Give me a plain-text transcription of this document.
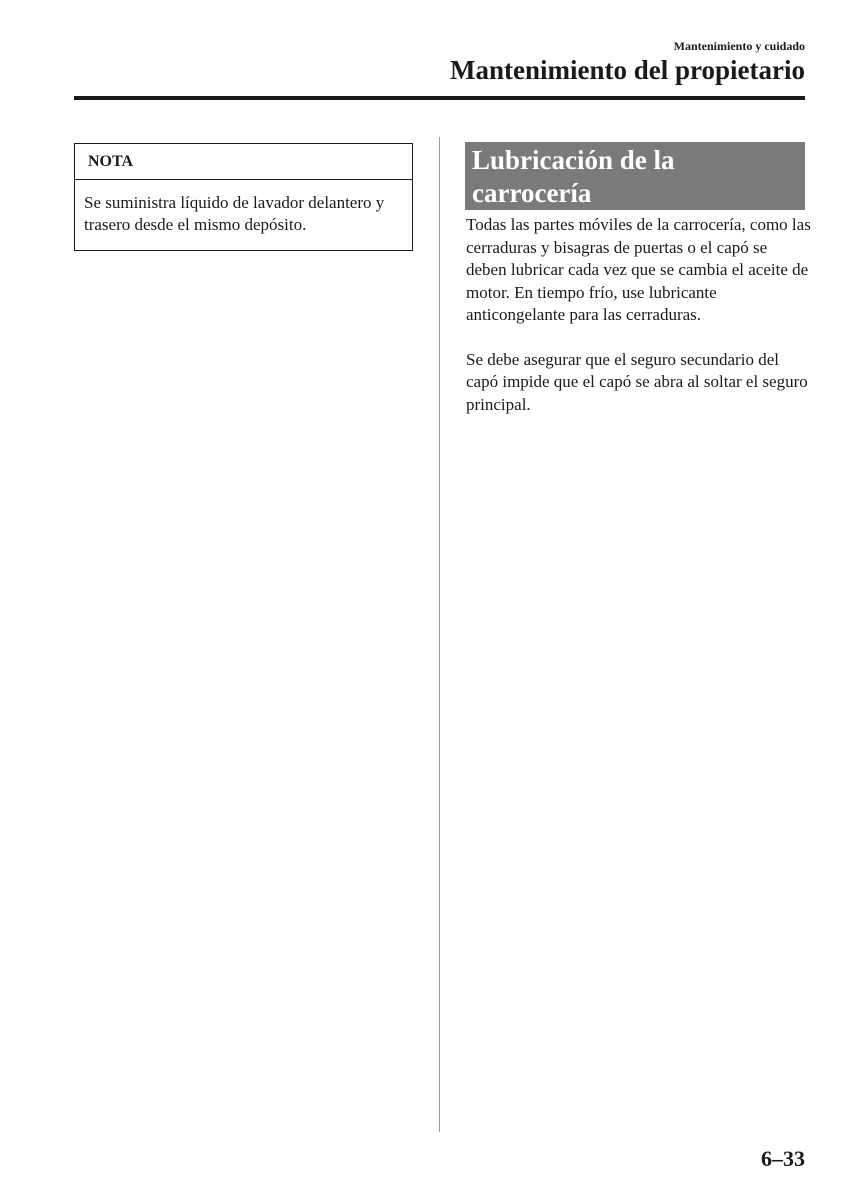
Mantenimiento y cuidado
Mantenimiento del propietario
NOTA
Se suministra líquido de lavador delantero y trasero desde el mismo depósito.
Lubricación de la
carrocería

Todas las partes móviles de la carrocería, como las cerraduras y bisagras de puertas o el capó se deben lubricar cada vez que se cambia el aceite de motor. En tiempo frío, use lubricante anticongelante para las cerraduras.

Se debe asegurar que el seguro secundario del capó impide que el capó se abra al soltar el seguro principal.

6–33
